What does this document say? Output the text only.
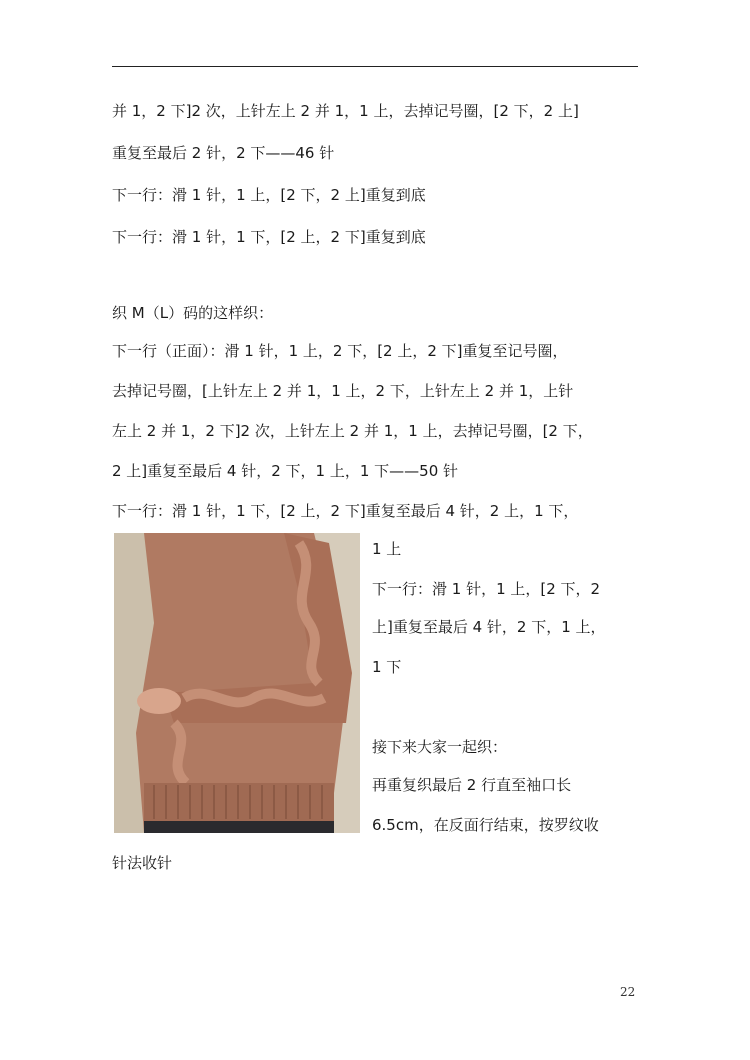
并 1，2 下]2 次，上针左上 2 并 1，1 上，去掉记号圈，[2 下，2 上]

重复至最后 2 针，2 下——46 针

下一行：滑 1 针，1 上，[2 下，2 上]重复到底

下一行：滑 1 针，1 下，[2 上，2 下]重复到底

织 M（L）码的这样织：

下一行（正面）：滑 1 针，1 上，2 下，[2 上，2 下]重复至记号圈，

去掉记号圈，[上针左上 2 并 1，1 上，2 下，上针左上 2 并 1，上针

左上 2 并 1，2 下]2 次，上针左上 2 并 1，1 上，去掉记号圈，[2 下，

2 上]重复至最后 4 针，2 下，1 上，1 下——50 针

下一行：滑 1 针，1 下，[2 上，2 下]重复至最后 4 针，2 上，1 下，

1 上

下一行：滑 1 针，1 上，[2 下，2

上]重复至最后 4 针，2 下，1 上，

1 下

接下来大家一起织：

再重复织最后 2 行直至袖口长

6.5cm，在反面行结束，按罗纹收

针法收针

22
